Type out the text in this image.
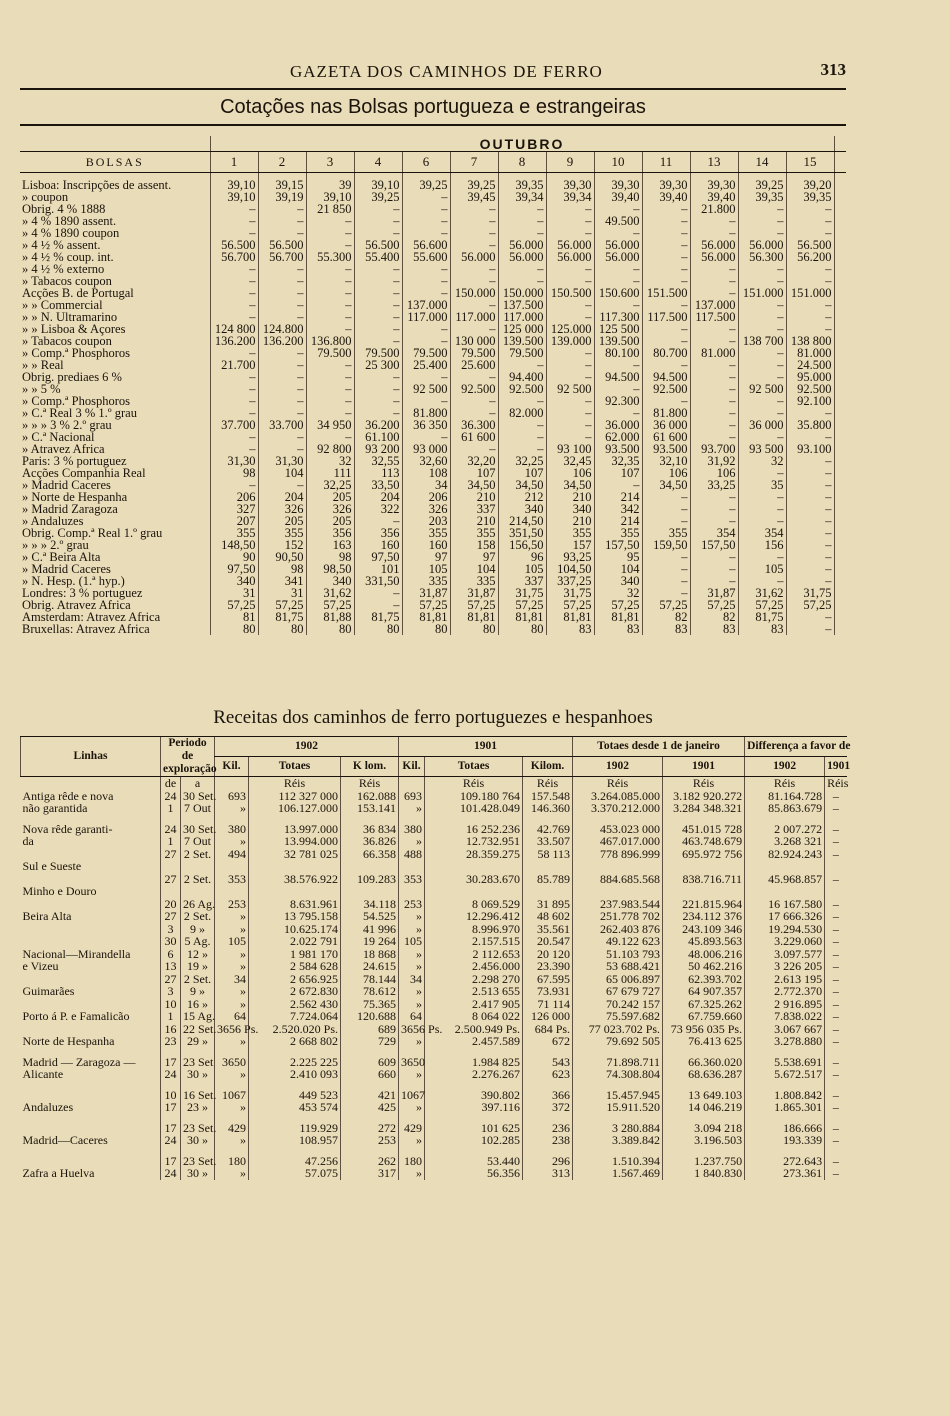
GAZETA DOS CAMINHOS DE FERRO	313
Cotações nas Bolsas portugueza e estrangeiras
	OUTUBRO													
BOLSAS	1	2	3	4	6	7	8	9	10	11	13	14	15	
Lisboa: Inscripções de assent.	39,10	39,15	39	39,10	39,25	39,25	39,35	39,30	39,30	39,30	39,30	39,25	39,20	
» coupon	39,10	39,19	39,10	39,25	–	39,45	39,34	39,34	39,40	39,40	39,40	39,35	39,35	
Obrig. 4 % 1888	–	–	21 850	–	–	–	–	–	–	–	21.800	–	–	
» 4 % 1890 assent.	–	–	–	–	–	–	–	–	49.500	–	–	–	–	
» 4 % 1890 coupon	–	–	–	–	–	–	–	–	–	–	–	–	–	
» 4 ½ % assent.	56.500	56.500	–	56.500	56.600	–	56.000	56.000	56.000	–	56.000	56.000	56.500	
» 4 ½ % coup. int.	56.700	56.700	55.300	55.400	55.600	56.000	56.000	56.000	56.000	–	56.000	56.300	56.200	
» 4 ½ % externo	–	–	–	–	–	–	–	–	–	–	–	–	–	
» Tabacos coupon	–	–	–	–	–	–	–	–	–	–	–	–	–	
Acções B. de Portugal	–	–	–	–	–	150.000	150.000	150.500	150.600	151.500	–	151.000	151.000	
» » Commercial	–	–	–	–	137.000	–	137.500	–	–	–	137.000	–	–	
» » N. Ultramarino	–	–	–	–	117.000	117.000	117.000	–	117.300	117.500	117.500	–	–	
» » Lisboa & Açores	124 800	124.800	–	–	–	–	125 000	125.000	125 500	–	–	–	–	
» Tabacos coupon	136.200	136.200	136.800	–	–	130 000	139.500	139.000	139.500	–	–	138 700	138 800	
» Comp.ª Phosphoros	–	–	79.500	79.500	79.500	79.500	79.500	–	80.100	80.700	81.000	–	81.000	
» » Real	21.700	–	–	25 300	25.400	25.600	–	–	–	–	–	–	24.500	
Obrig. prediaes 6 %	–	–	–	–	–	–	94.400	–	94.500	94.500	–	–	95.000	
» » 5 %	–	–	–	–	92 500	92.500	92.500	92 500	–	92.500	–	92 500	92.500	
» Comp.ª Phosphoros	–	–	–	–	–	–	–	–	92.300	–	–	–	92.100	
» C.ª Real 3 % 1.º grau	–	–	–	–	81.800	–	82.000	–	–	81.800	–	–	–	
» » » 3 % 2.º grau	37.700	33.700	34 950	36.200	36 350	36.300	–	–	36.000	36 000	–	36 000	35.800	
» C.ª Nacional	–	–	–	61.100	–	61 600	–	–	62.000	61 600	–	–	–	
» Atravez Africa	–	–	92 800	93 200	93 000	–	–	93 100	93.500	93.500	93.700	93 500	93.100	
Paris: 3 % portuguez	31,30	31,30	32	32,55	32,60	32,20	32,25	32,45	32,35	32,10	31,92	32	–	
Acções Companhia Real	98	104	111	113	108	107	107	106	107	106	106	–	–	
» Madrid Caceres	–	–	32,25	33,50	34	34,50	34,50	34,50	–	34,50	33,25	35	–	
» Norte de Hespanha	206	204	205	204	206	210	212	210	214	–	–	–	–	
» Madrid Zaragoza	327	326	326	322	326	337	340	340	342	–	–	–	–	
» Andaluzes	207	205	205	–	203	210	214,50	210	214	–	–	–	–	
Obrig. Comp.ª Real 1.º grau	355	355	356	356	355	355	351,50	355	355	355	354	354	–	
» » » 2.º grau	148,50	152	163	160	160	158	156,50	157	157,50	159,50	157,50	156	–	
» C.ª Beira Alta	90	90,50	98	97,50	97	97	96	93,25	95	–	–	–	–	
» Madrid Caceres	97,50	98	98,50	101	105	104	105	104,50	104	–	–	105	–	
» N. Hesp. (1.ª hyp.)	340	341	340	331,50	335	335	337	337,25	340	–	–	–	–	
Londres: 3 % portuguez	31	31	31,62	–	31,87	31,87	31,75	31,75	32	–	31,87	31,62	31,75	
Obrig. Atravez Africa	57,25	57,25	57,25	–	57,25	57,25	57,25	57,25	57,25	57,25	57,25	57,25	57,25	
Amsterdam: Atravez Africa	81	81,75	81,88	81,75	81,81	81,81	81,81	81,81	81,81	82	82	81,75	–	
Bruxellas: Atravez Africa	80	80	80	80	80	80	80	83	83	83	83	83	–	
Receitas dos caminhos de ferro portuguezes e hespanhoes
Linhas	Periodo de exploração		1902			1901			Totaes desde 1 de janeiro		Differença a favor de	
			Kil.	Totaes	K lom.	Kil.	Totaes	Kilom.	1902	1901	1902	1901
	de	a		Réis	Réis		Réis	Réis	Réis	Réis	Réis	Réis
Antiga rêde e nova	24	30 Set.	693	112 327 000	162.088	693	109.180 764	157.548	3.264.085.000	3.182 920.272	81.164.728	–
não garantida	1	7 Out	»	106.127.000	153.141	»	101.428.049	146.360	3.370.212.000	3.284 348.321	85.863.679	–

Nova rêde garanti-	24	30 Set.	380	13.997.000	36 834	380	16 252.236	42.769	453.023 000	451.015 728	2 007.272	–
da	1	7 Out	»	13.994.000	36.826	»	12.732.951	33.507	467.017.000	463.748.679	3.268 321	–
	27	2 Set.	494	32 781 025	66.358	488	28.359.275	58 113	778 896.999	695.972 756	82.924.243	–
Sul e Sueste												
	27	2 Set.	353	38.576.922	109.283	353	30.283.670	85.789	884.685.568	838.716.711	45.968.857	–
Minho e Douro												
	20	26 Ag.	253	8.631.961	34.118	253	8 069.529	31 895	237.983.544	221.815.964	16 167.580	–
Beira Alta	27	2 Set.	»	13 795.158	54.525	»	12.296.412	48 602	251.778 702	234.112 376	17 666.326	–
	3	9 »	»	10.625.174	41 996	»	8.996.970	35.561	262.403 876	243.109 346	19.294.530	–
	30	5 Ag.	105	2.022 791	19 264	105	2.157.515	20.547	49.122 623	45.893.563	3.229.060	–
Nacional—Mirandella	6	12 »	»	1 981 170	18 868	»	2 112.653	20 120	51.103 793	48.006.216	3.097.577	–
e Vizeu	13	19 »	»	2 584 628	24.615	»	2.456.000	23.390	53 688.421	50 462.216	3 226 205	–
	27	2 Set.	34	2 656.925	78.144	34	2.298 270	67.595	65 006.897	62.393.702	2.613 195	–
Guimarães	3	9 »	»	2 672.830	78.612	»	2.513 655	73.931	67 679 727	64 907.357	2.772.370	–
	10	16 »	»	2.562 430	75.365	»	2.417 905	71 114	70.242 157	67.325.262	2 916.895	–
Porto á P. e Famalicão	1	15 Ag.	64	7.724.064	120.688	64	8 064 022	126 000	75.597.682	67.759.660	7.838.022	–
	16	22 Set.	3656 Ps.	2.520.020 Ps.	689	3656 Ps.	2.500.949 Ps.	684 Ps.	77 023.702 Ps.	73 956 035 Ps.	3.067 667	–
Norte de Hespanha	23	29 »	»	2 668 802	729	»	2.457.589	672	79.692 505	76.413 625	3.278.880	–

Madrid — Zaragoza —	17	23 Set	3650	2.225 225	609	3650	1.984 825	543	71.898.711	66.360.020	5.538.691	–
Alicante	24	30 »	»	2.410 093	660	»	2.276.267	623	74.308.804	68.636.287	5.672.517	–

	10	16 Set.	1067	449 523	421	1067	390.802	366	15.457.945	13 649.103	1.808.842	–
Andaluzes	17	23 »	»	453 574	425	»	397.116	372	15.911.520	14 046.219	1.865.301	–

	17	23 Set.	429	119.929	272	429	101 625	236	3 280.884	3.094 218	186.666	–
Madrid—Caceres	24	30 »	»	108.957	253	»	102.285	238	3.389.842	3.196.503	193.339	–

	17	23 Set.	180	47.256	262	180	53.440	296	1.510.394	1.237.750	272.643	–
Zafra a Huelva	24	30 »	»	57.075	317	»	56.356	313	1.567.469	1 840.830	273.361	–
